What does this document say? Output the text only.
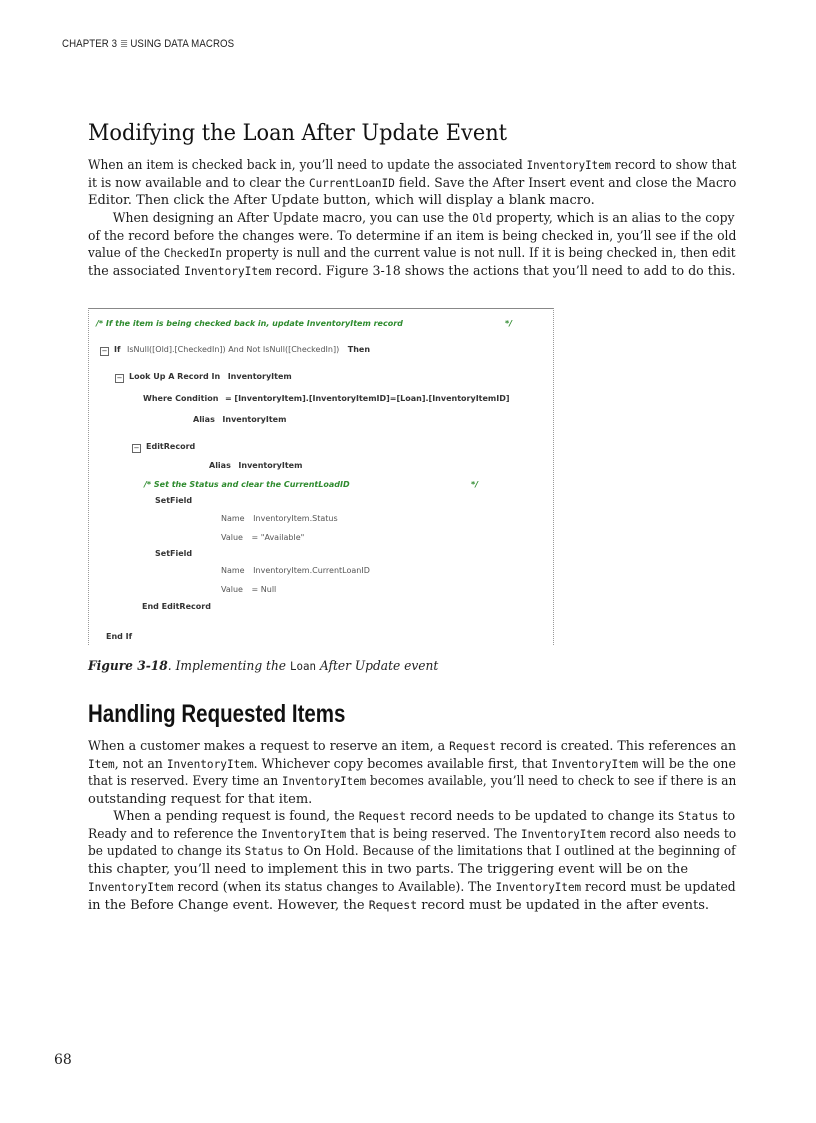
CHAPTER 3 USING DATA MACROS
Modifying the Loan After Update Event
When an item is checked back in, you’ll need to update the associated InventoryItem record to show that
it is now available and to clear the CurrentLoanID field. Save the After Insert event and close the Macro
Editor. Then click the After Update button, which will display a blank macro.
When designing an After Update macro, you can use the Old property, which is an alias to the copy
of the record before the changes were. To determine if an item is being checked in, you’ll see if the old
value of the CheckedIn property is null and the current value is not null. If it is being checked in, then edit
the associated InventoryItem record. Figure 3-18 shows the actions that you’ll need to add to do this.
/* If the item is being checked back in, update InventoryItem record	*/
− If IsNull([Old].[CheckedIn]) And Not IsNull([CheckedIn]) Then
− Look Up A Record In InventoryItem
Where Condition = [InventoryItem].[InventoryItemID]=[Loan].[InventoryItemID]
Alias InventoryItem
− EditRecord
Alias InventoryItem
/* Set the Status and clear the CurrentLoadID	*/
SetField
Name InventoryItem.Status
Value = "Available"
SetField
Name InventoryItem.CurrentLoanID
Value = Null
End EditRecord
End If
Figure 3-18. Implementing the Loan After Update event
Handling Requested Items
When a customer makes a request to reserve an item, a Request record is created. This references an
Item, not an InventoryItem. Whichever copy becomes available first, that InventoryItem will be the one
that is reserved. Every time an InventoryItem becomes available, you’ll need to check to see if there is an
outstanding request for that item.
When a pending request is found, the Request record needs to be updated to change its Status to
Ready and to reference the InventoryItem that is being reserved. The InventoryItem record also needs to
be updated to change its Status to On Hold. Because of the limitations that I outlined at the beginning of
this chapter, you’ll need to implement this in two parts. The triggering event will be on the
InventoryItem record (when its status changes to Available). The InventoryItem record must be updated
in the Before Change event. However, the Request record must be updated in the after events.
68
